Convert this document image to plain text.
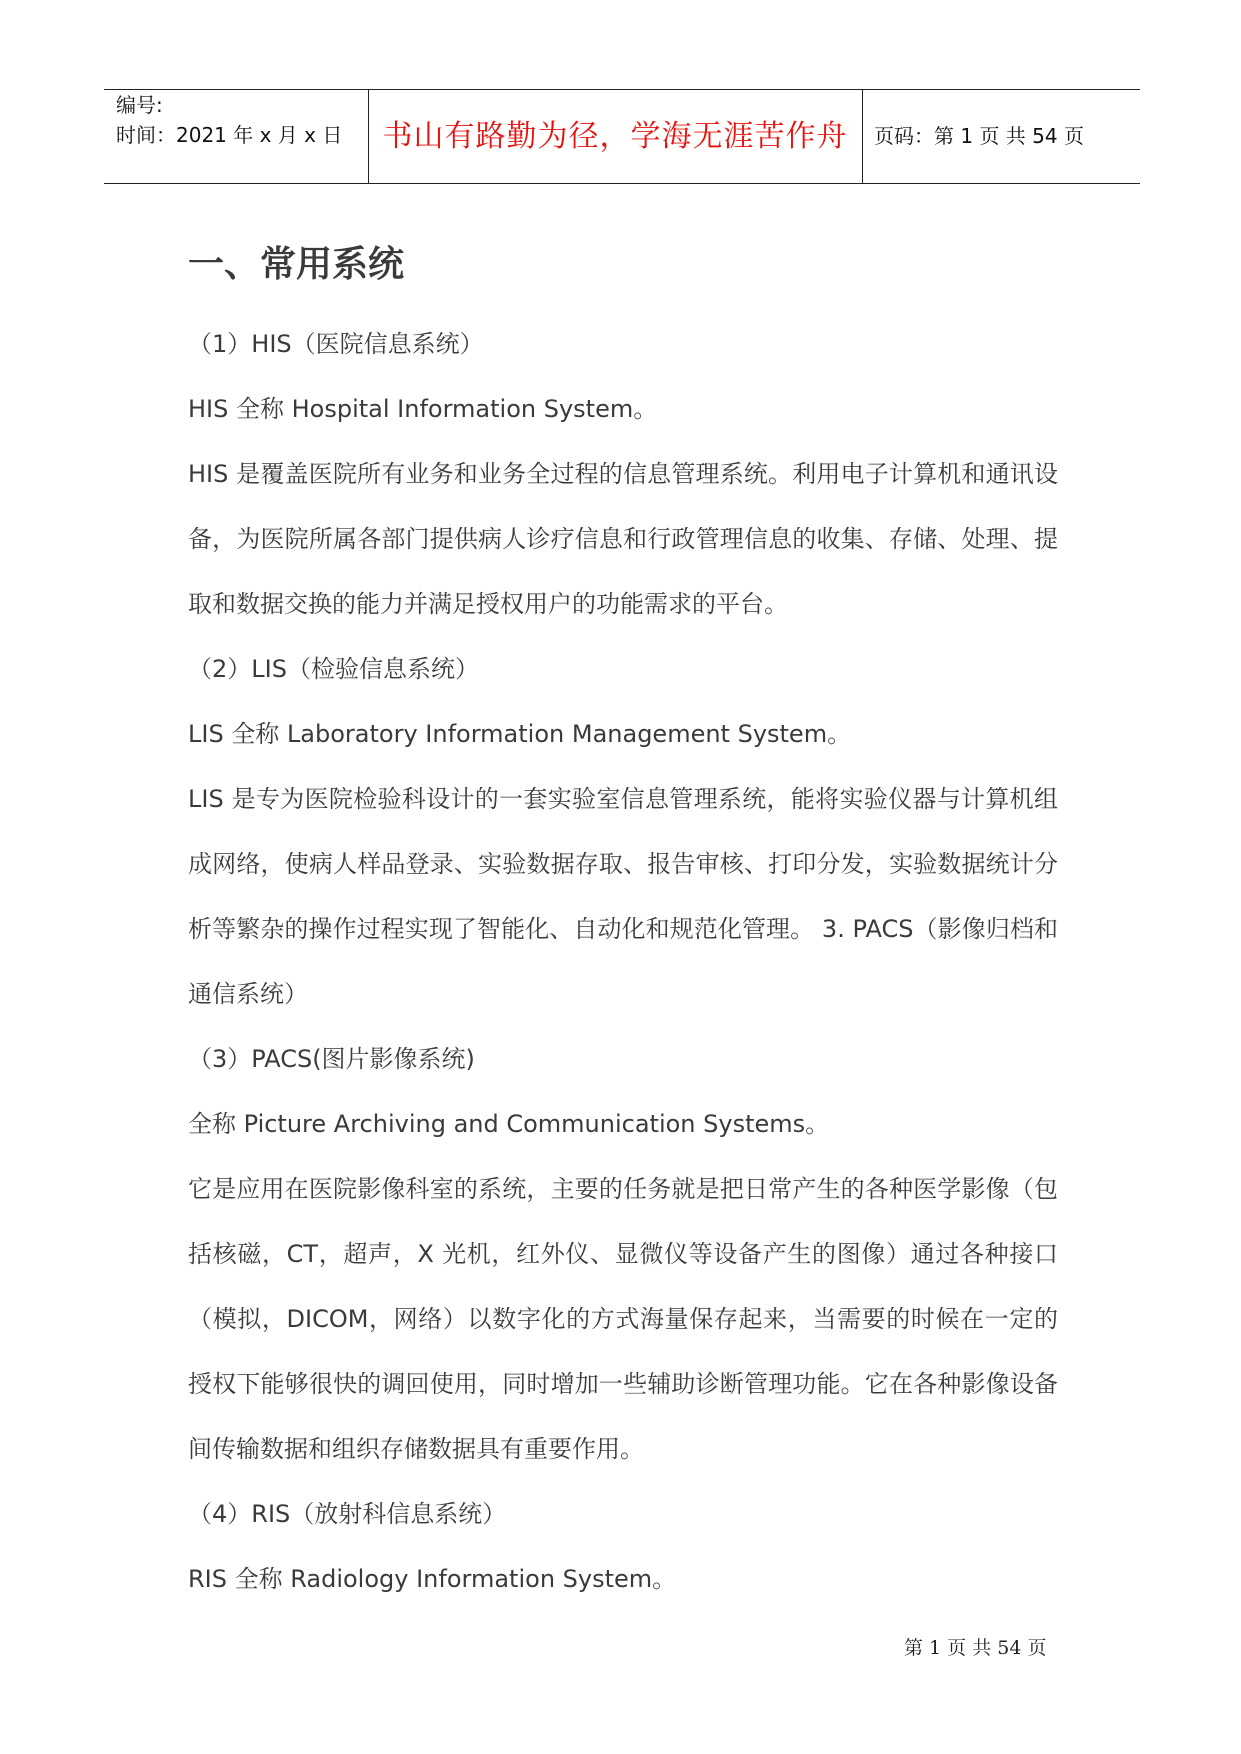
编号:
时间：2021 年 x 月 x 日	书山有路勤为径，学海无涯苦作舟	页码：第 1 页 共 54 页
一、常用系统
（1）HIS（医院信息系统）
HIS 全称 Hospital Information System。
HIS 是覆盖医院所有业务和业务全过程的信息管理系统。利用电子计算机和通讯设备，为医院所属各部门提供病人诊疗信息和行政管理信息的收集、存储、处理、提取和数据交换的能力并满足授权用户的功能需求的平台。
（2）LIS（检验信息系统）
LIS 全称 Laboratory Information Management System。
LIS 是专为医院检验科设计的一套实验室信息管理系统，能将实验仪器与计算机组成网络，使病人样品登录、实验数据存取、报告审核、打印分发，实验数据统计分析等繁杂的操作过程实现了智能化、自动化和规范化管理。 3. PACS（影像归档和通信系统）
（3）PACS(图片影像系统)
全称 Picture Archiving and Communication Systems。
它是应用在医院影像科室的系统，主要的任务就是把日常产生的各种医学影像（包括核磁，CT，超声，X 光机，红外仪、显微仪等设备产生的图像）通过各种接口（模拟，DICOM，网络）以数字化的方式海量保存起来，当需要的时候在一定的授权下能够很快的调回使用，同时增加一些辅助诊断管理功能。它在各种影像设备间传输数据和组织存储数据具有重要作用。
（4）RIS（放射科信息系统）
RIS 全称 Radiology Information System。
第 1 页 共 54 页
